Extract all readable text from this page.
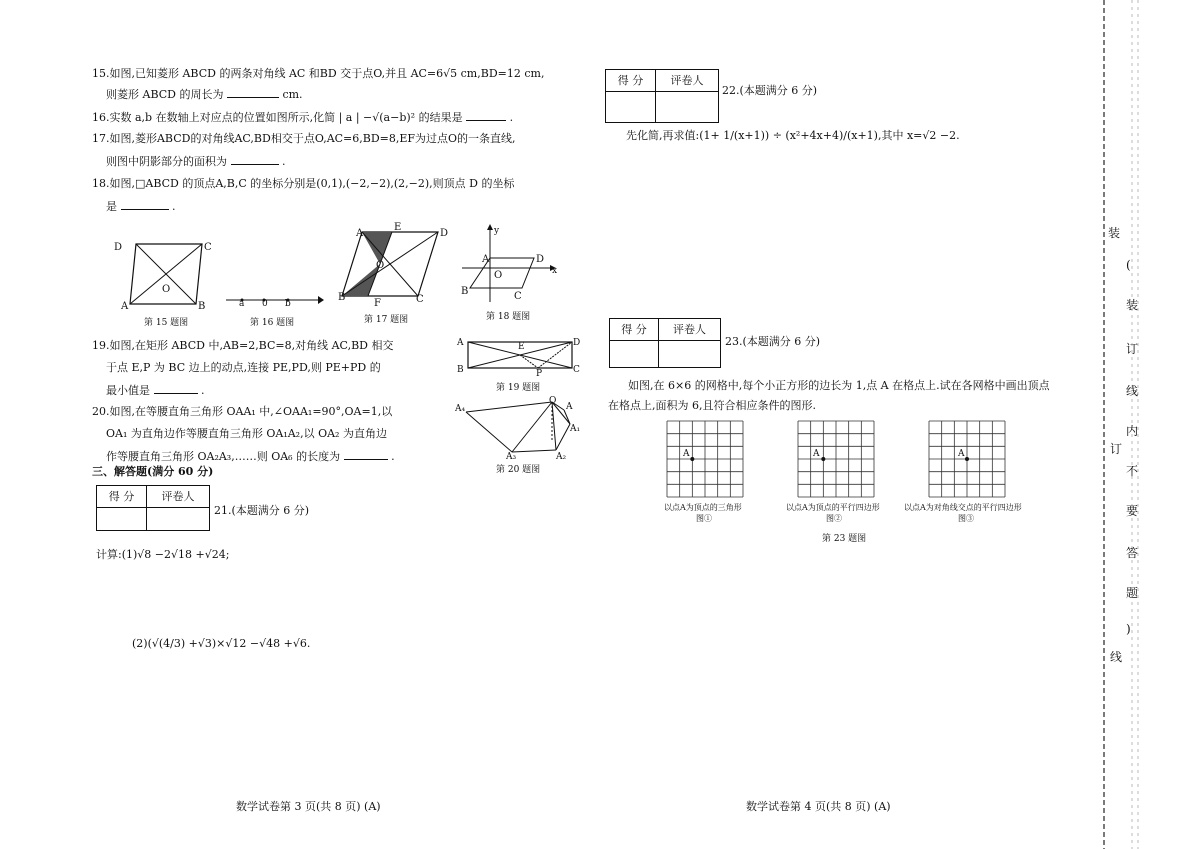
15.如图,已知菱形 ABCD 的两条对角线 AC 和BD 交于点O,并且 AC=6√5 cm,BD=12 cm,
则菱形 ABCD 的周长为	cm.
16.实数 a,b 在数轴上对应点的位置如图所示,化简 | a | −√(a−b)² 的结果是	.
17.如图,菱形ABCD的对角线AC,BD相交于点O,AC=6,BD=8,EF为过点O的一条直线,
则图中阴影部分的面积为	.
18.如图,□ABCD 的顶点A,B,C 的坐标分别是(0,1),(−2,−2),(2,−2),则顶点 D 的坐标
是	.
D	C
A	B
O
第 15 题图
a 0 b
第 16 题图
A
E
D
O
B
F	C
第 17 题图
y
x
A	D
O
B	C
第 18 题图
19.如图,在矩形 ABCD 中,AB=2,BC=8,对角线 AC,BD 相交
于点 E,P 为 BC 边上的动点,连接 PE,PD,则 PE+PD 的
最小值是	.
A	D
B	C
E
P
第 19 题图
20.如图,在等腰直角三角形 OAA₁ 中,∠OAA₁=90°,OA=1,以
OA₁ 为直角边作等腰直角三角形 OA₁A₂,以 OA₂ 为直角边
作等腰直角三角形 OA₂A₃,……则 OA₆ 的长度为	.
A₄
O
A
A₁
A₂
A₃
第 20 题图
三、解答题(满分 60 分)
得 分	评卷人

21.(本题满分 6 分)
计算:(1)√8 −2√18 +√24;
(2)(√(4/3) +√3)×√12 −√48 +√6.
数学试卷第 3 页(共 8 页) (A)
得 分	评卷人

22.(本题满分 6 分)
先化简,再求值:(1+ 1/(x+1)) ÷ (x²+4x+4)/(x+1),其中 x=√2 −2.
得 分	评卷人

23.(本题满分 6 分)
如图,在 6×6 的网格中,每个小正方形的边长为 1,点 A 在格点上.试在各网格中画出顶点
在格点上,面积为 6,且符合相应条件的图形.
A
以点A为顶点的三角形
图①
A
以点A为顶点的平行四边形
图②
A
以点A为对角线交点的平行四边形
图③
第 23 题图
数学试卷第 4 页(共 8 页) (A)
装
(
装
订
线
内
订
不
要
答
题
)
线
